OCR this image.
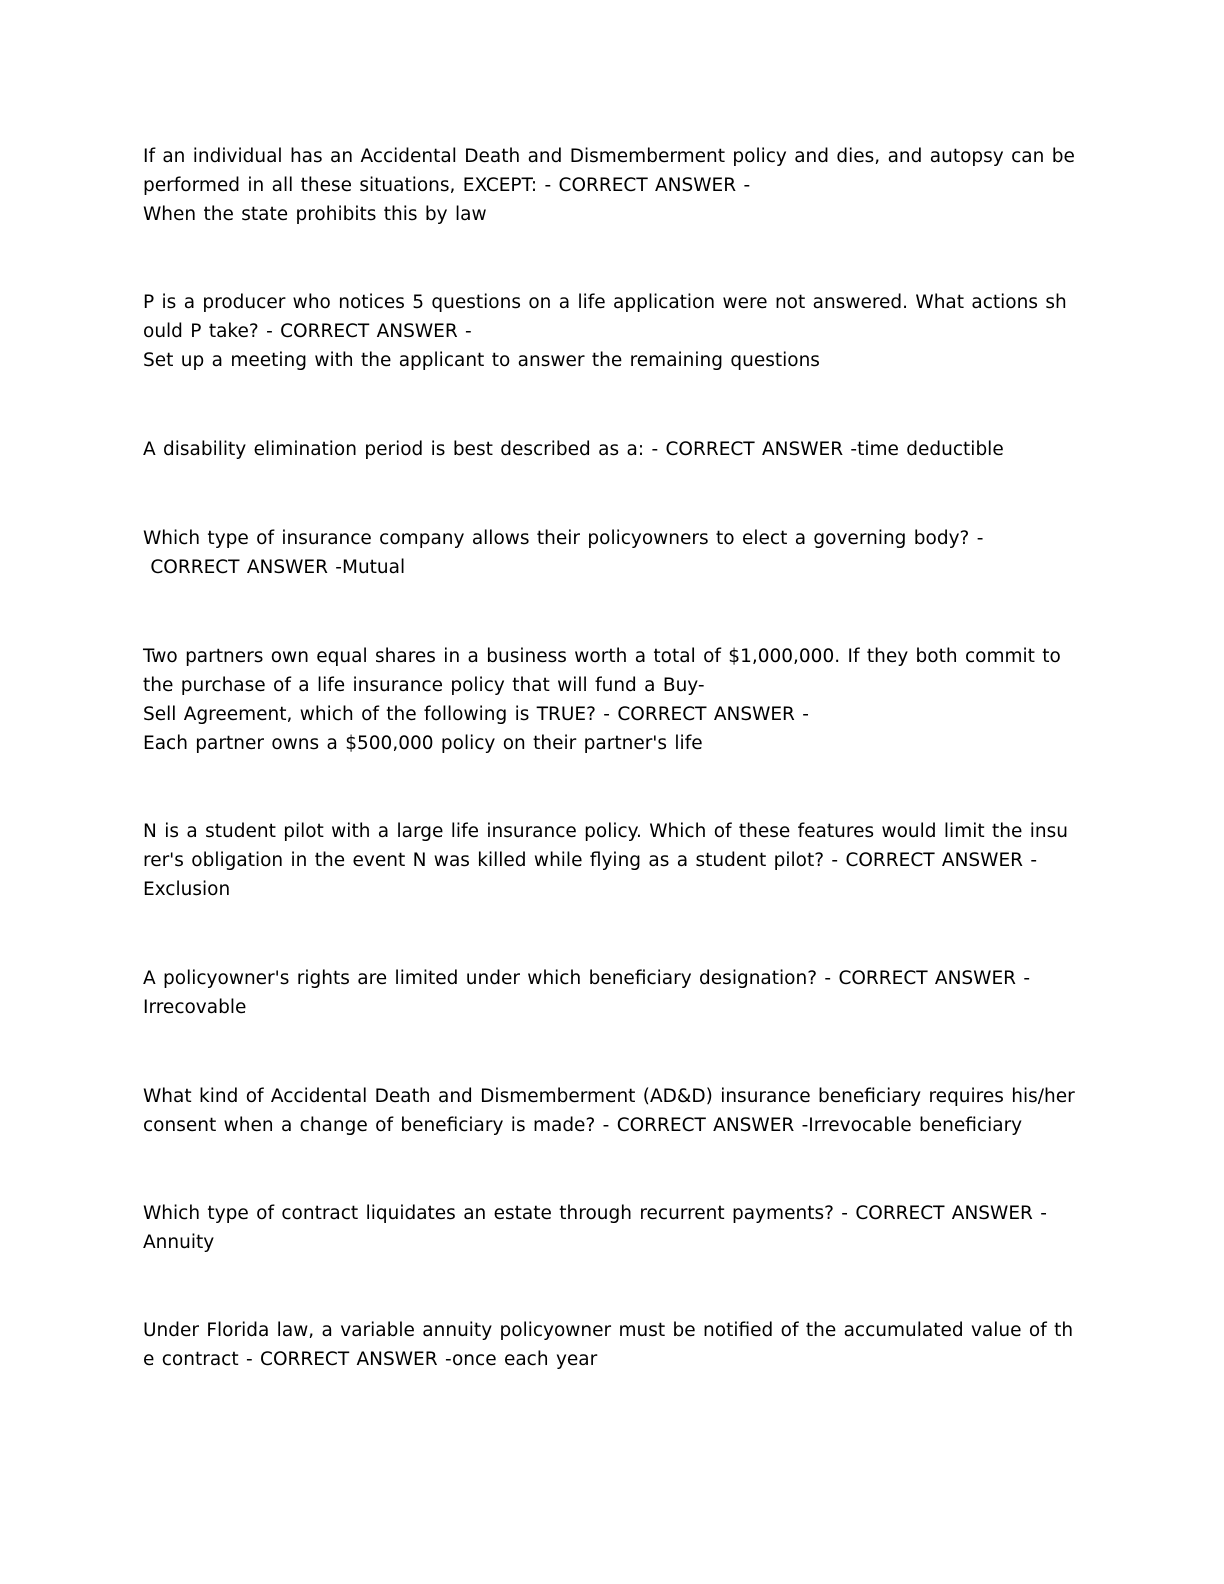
If an individual has an Accidental Death and Dismemberment policy and dies, and autopsy can be

performed in all these situations, EXCEPT: - CORRECT ANSWER -

When the state prohibits this by law

P is a producer who notices 5 questions on a life application were not answered. What actions sh

ould P take? - CORRECT ANSWER -

Set up a meeting with the applicant to answer the remaining questions

A disability elimination period is best described as a: - CORRECT ANSWER -time deductible

Which type of insurance company allows their policyowners to elect a governing body? -

CORRECT ANSWER -Mutual

Two partners own equal shares in a business worth a total of $1,000,000. If they both commit to

the purchase of a life insurance policy that will fund a Buy-

Sell Agreement, which of the following is TRUE? - CORRECT ANSWER -

Each partner owns a $500,000 policy on their partner's life

N is a student pilot with a large life insurance policy. Which of these features would limit the insu

rer's obligation in the event N was killed while flying as a student pilot? - CORRECT ANSWER -

Exclusion

A policyowner's rights are limited under which beneficiary designation? - CORRECT ANSWER -

Irrecovable

What kind of Accidental Death and Dismemberment (AD&D) insurance beneficiary requires his/her

consent when a change of beneficiary is made? - CORRECT ANSWER -Irrevocable beneficiary

Which type of contract liquidates an estate through recurrent payments? - CORRECT ANSWER -

Annuity

Under Florida law, a variable annuity policyowner must be notified of the accumulated value of th

e contract - CORRECT ANSWER -once each year
